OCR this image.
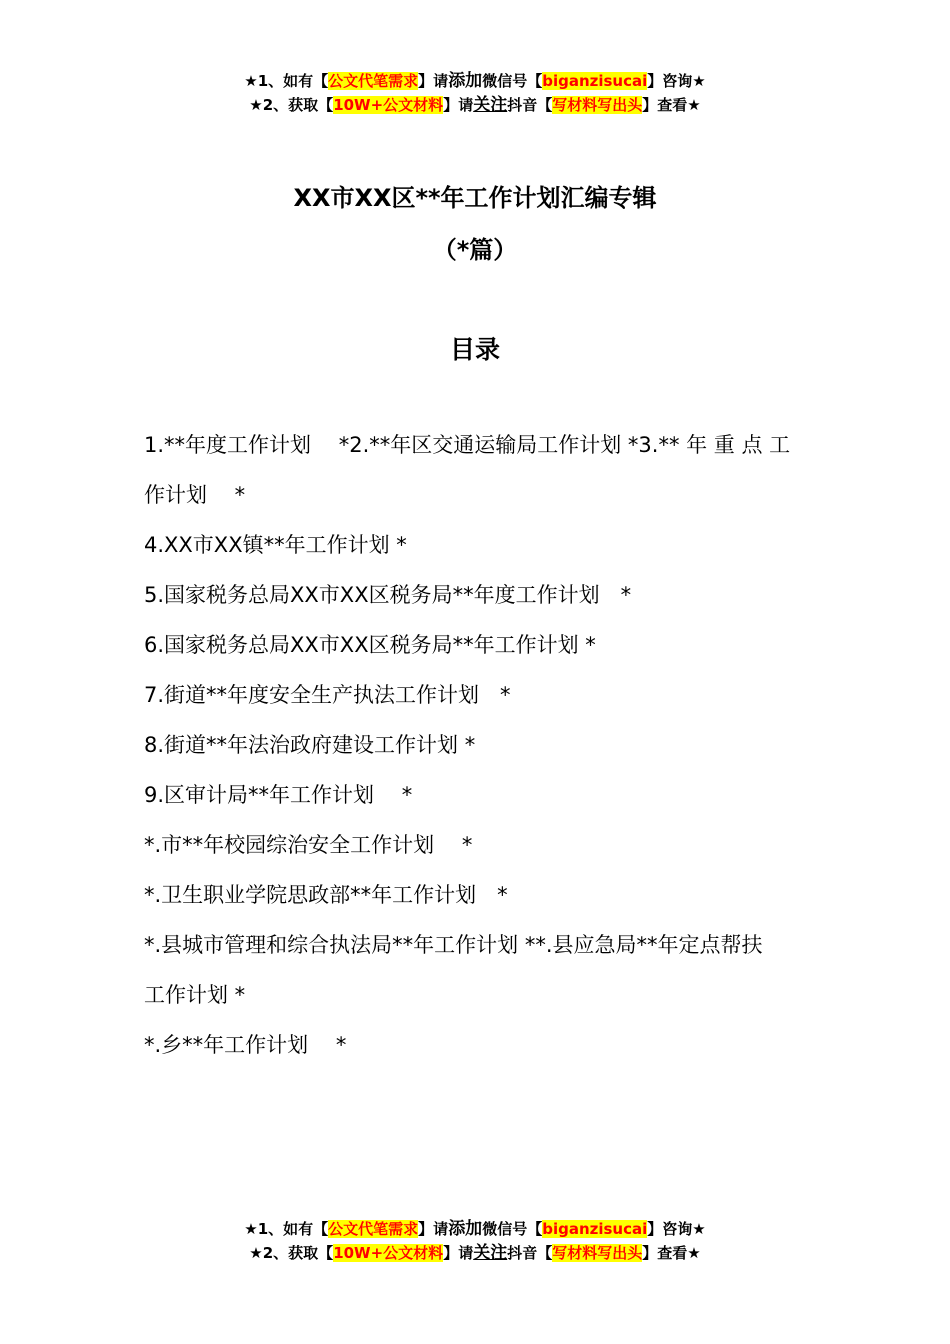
★1、如有【公文代笔需求】请添加微信号【biganzisucai】咨询★
★2、获取【10W+公文材料】请关注抖音【写材料写出头】查看★
XX市XX区**年工作计划汇编专辑
（*篇）
目录
1.**年度工作计划　 *2.**年区交通运输局工作计划 *3.** 年 重 点 工
作计划　 *
4.XX市XX镇**年工作计划 *
5.国家税务总局XX市XX区税务局**年度工作计划　*
6.国家税务总局XX市XX区税务局**年工作计划 *
7.街道**年度安全生产执法工作计划　*
8.街道**年法治政府建设工作计划 *
9.区审计局**年工作计划　 *
*.市**年校园综治安全工作计划　 *
*.卫生职业学院思政部**年工作计划　*
*.县城市管理和综合执法局**年工作计划 **.县应急局**年定点帮扶
工作计划 *
*.乡**年工作计划　 *
★1、如有【公文代笔需求】请添加微信号【biganzisucai】咨询★
★2、获取【10W+公文材料】请关注抖音【写材料写出头】查看★
